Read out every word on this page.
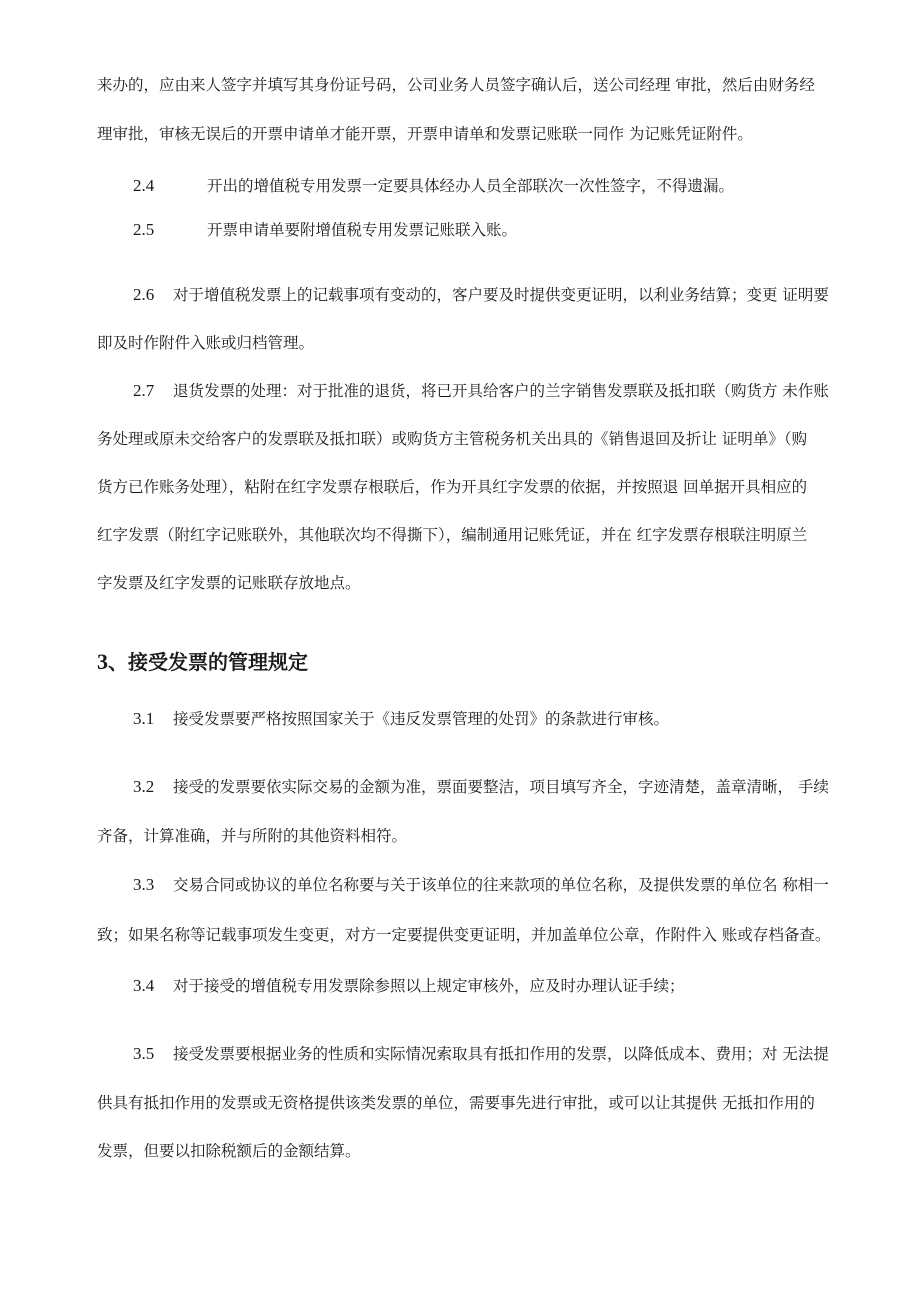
来办的，应由来人签字并填写其身份证号码，公司业务人员签字确认后，送公司经理 审批，然后由财务经

理审批，审核无误后的开票申请单才能开票，开票申请单和发票记账联一同作 为记账凭证附件。

2.4	开出的增值税专用发票一定要具体经办人员全部联次一次性签字，不得遗漏。

2.5	开票申请单要附增值税专用发票记账联入账。

2.6 对于增值税发票上的记载事项有变动的，客户要及时提供变更证明，以利业务结算；变更 证明要

即及时作附件入账或归档管理。

2.7 退货发票的处理：对于批准的退货，将已开具给客户的兰字销售发票联及抵扣联（购货方 未作账

务处理或原未交给客户的发票联及抵扣联）或购货方主管税务机关出具的《销售退回及折让 证明单》（购

货方已作账务处理），粘附在红字发票存根联后，作为开具红字发票的依据，并按照退 回单据开具相应的

红字发票（附红字记账联外，其他联次均不得撕下），编制通用记账凭证，并在 红字发票存根联注明原兰

字发票及红字发票的记账联存放地点。

3、接受发票的管理规定

3.1 接受发票要严格按照国家关于《违反发票管理的处罚》的条款进行审核。

3.2 接受的发票要依实际交易的金额为准，票面要整洁，项目填写齐全，字迹清楚，盖章清晰， 手续

齐备，计算准确，并与所附的其他资料相符。

3.3 交易合同或协议的单位名称要与关于该单位的往来款项的单位名称，及提供发票的单位名 称相一

致；如果名称等记载事项发生变更，对方一定要提供变更证明，并加盖单位公章，作附件入 账或存档备查。

3.4 对于接受的增值税专用发票除参照以上规定审核外，应及时办理认证手续；

3.5 接受发票要根据业务的性质和实际情况索取具有抵扣作用的发票，以降低成本、费用；对 无法提

供具有抵扣作用的发票或无资格提供该类发票的单位，需要事先进行审批，或可以让其提供 无抵扣作用的

发票，但要以扣除税额后的金额结算。
